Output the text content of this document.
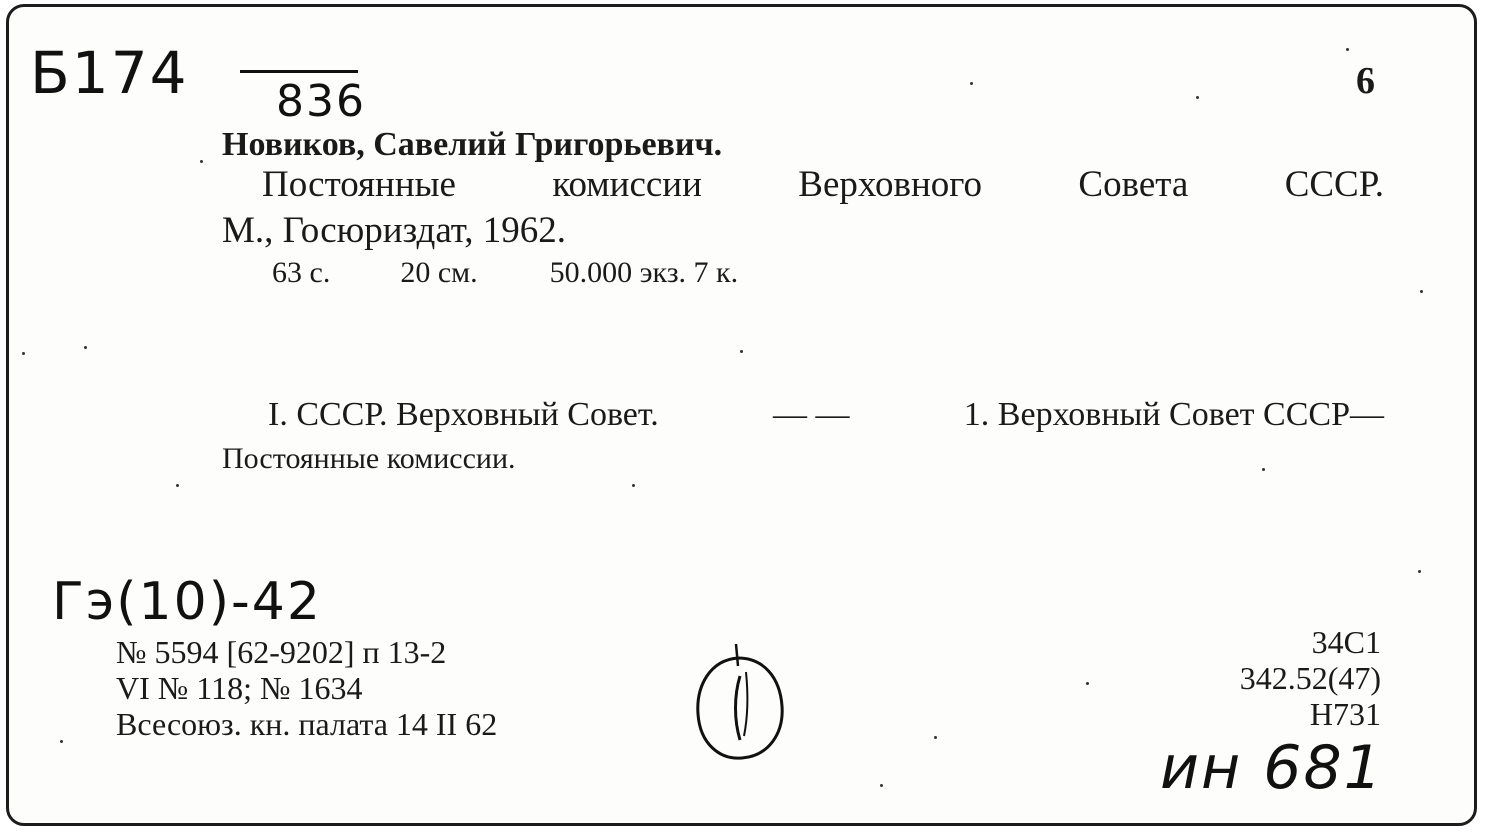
Б174 836	6
Новиков, Савелий Григорьевич.
Постоянные	комиссии	Верховного	Совета	СССР.
М., Госюриздат, 1962.
63 с. 20 см. 50.000 экз. 7 к.
I. СССР. Верховный Совет.	— —	1. Верховный Совет СССР—
Постоянные комиссии.
Гэ(10)-42
№ 5594 [62-9202] п 13-2
VI № 118; № 1634
Всесоюз. кн. палата 14 II 62
34С1
342.52(47)
Н731
ин 681
